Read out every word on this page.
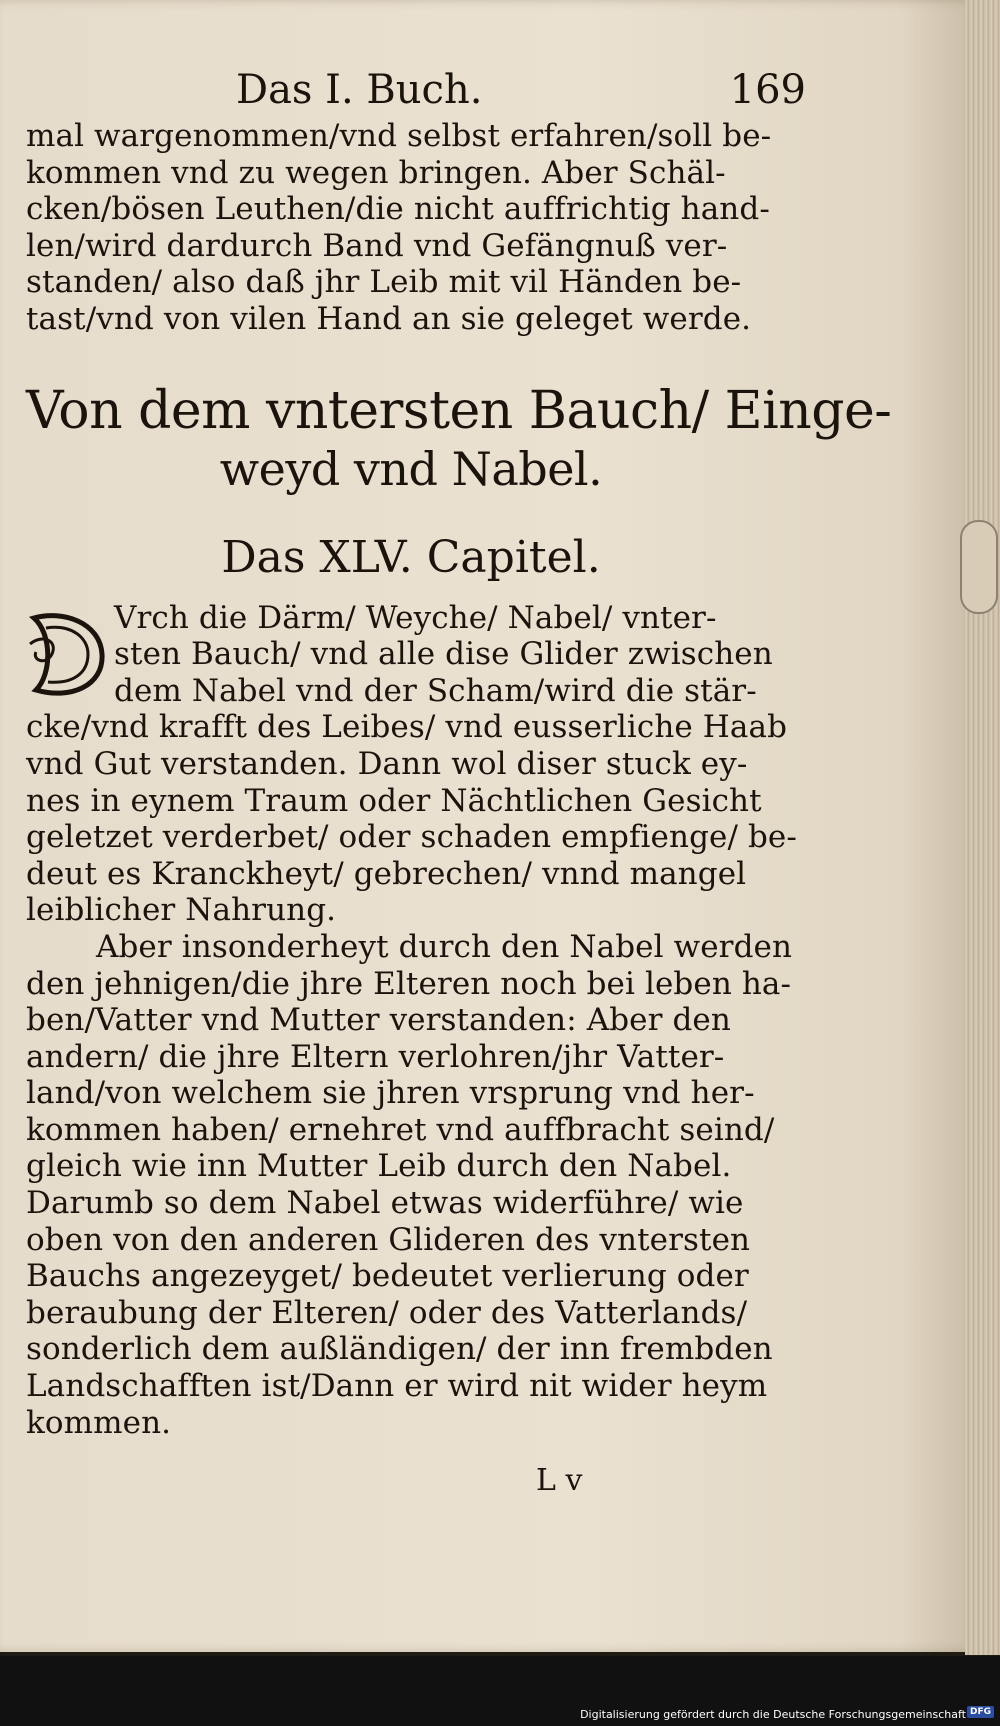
Das I. Buch.	169
mal wargenommen/vnd selbst erfahren/soll be-
kommen vnd zu wegen bringen. Aber Schäl-
cken/bösen Leuthen/die nicht auffrichtig hand-
len/wird dardurch Band vnd Gefängnuß ver-
standen/ also daß jhr Leib mit vil Händen be-
tast/vnd von vilen Hand an sie geleget werde.
Von dem vntersten Bauch/ Einge-
weyd vnd Nabel.
Das XLV. Capitel.
Vrch die Därm/ Weyche/ Nabel/ vnter-
sten Bauch/ vnd alle dise Glider zwischen
dem Nabel vnd der Scham/wird die stär-
cke/vnd krafft des Leibes/ vnd eusserliche Haab
vnd Gut verstanden. Dann wol diser stuck ey-
nes in eynem Traum oder Nächtlichen Gesicht
geletzet verderbet/ oder schaden empfienge/ be-
deut es Kranckheyt/ gebrechen/ vnnd mangel
leiblicher Nahrung.
Aber insonderheyt durch den Nabel werden
den jehnigen/die jhre Elteren noch bei leben ha-
ben/Vatter vnd Mutter verstanden: Aber den
andern/ die jhre Eltern verlohren/jhr Vatter-
land/von welchem sie jhren vrsprung vnd her-
kommen haben/ ernehret vnd auffbracht seind/
gleich wie inn Mutter Leib durch den Nabel.
Darumb so dem Nabel etwas widerführe/ wie
oben von den anderen Glideren des vntersten
Bauchs angezeyget/ bedeutet verlierung oder
beraubung der Elteren/ oder des Vatterlands/
sonderlich dem außländigen/ der inn frembden
Landschafften ist/Dann er wird nit wider heym
kommen.
L v
Digitalisierung gefördert durch die Deutsche Forschungsgemeinschaft DFG
